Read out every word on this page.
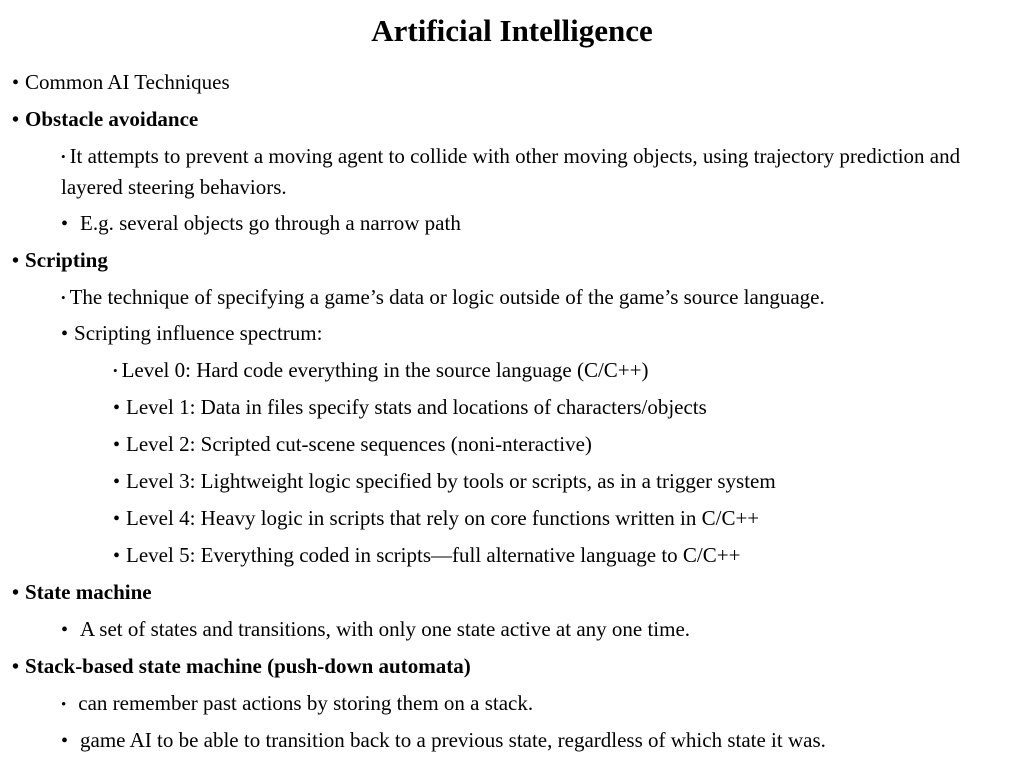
Artificial Intelligence
• Common AI Techniques
• Obstacle avoidance
• It attempts to prevent a moving agent to collide with other moving objects, using trajectory prediction and layered steering behaviors.
• E.g. several objects go through a narrow path
• Scripting
• The technique of specifying a game’s data or logic outside of the game’s source language.
• Scripting influence spectrum:
• Level 0: Hard code everything in the source language (C/C++)
• Level 1: Data in files specify stats and locations of characters/objects
• Level 2: Scripted cut-scene sequences (noni-nteractive)
• Level 3: Lightweight logic specified by tools or scripts, as in a trigger system
• Level 4: Heavy logic in scripts that rely on core functions written in C/C++
• Level 5: Everything coded in scripts—full alternative language to C/C++
• State machine
• A set of states and transitions, with only one state active at any one time.
• Stack-based state machine (push-down automata)
• can remember past actions by storing them on a stack.
• game AI to be able to transition back to a previous state, regardless of which state it was.
